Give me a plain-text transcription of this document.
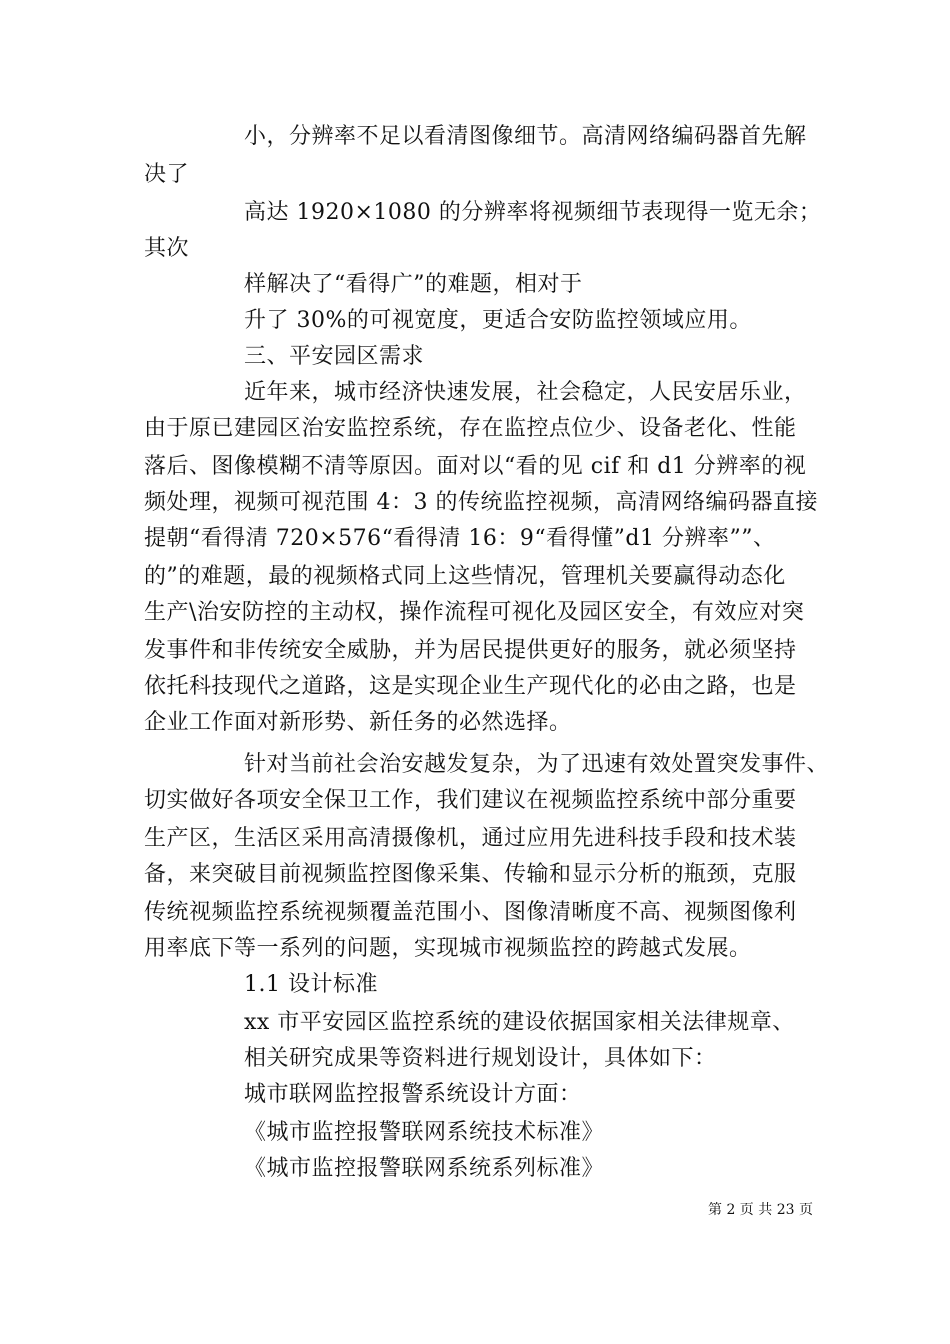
小，分辨率不足以看清图像细节。高清网络编码器首先解
决了
高达 1920×1080 的分辨率将视频细节表现得一览无余；
其次
样解决了“看得广”的难题，相对于
升了 30%的可视宽度，更适合安防监控领域应用。
三、平安园区需求
近年来，城市经济快速发展，社会稳定，人民安居乐业，
由于原已建园区治安监控系统，存在监控点位少、设备老化、性能
落后、图像模糊不清等原因。面对以“看的见 cif 和 d1 分辨率的视
频处理，视频可视范围 4：3 的传统监控视频，高清网络编码器直接
提朝“看得清 720×576“看得清 16：9“看得懂”d1 分辨率””、
的”的难题，最的视频格式同上这些情况，管理机关要赢得动态化
生产\治安防控的主动权，操作流程可视化及园区安全，有效应对突
发事件和非传统安全威胁，并为居民提供更好的服务，就必须坚持
依托科技现代之道路，这是实现企业生产现代化的必由之路，也是
企业工作面对新形势、新任务的必然选择。
针对当前社会治安越发复杂，为了迅速有效处置突发事件、
切实做好各项安全保卫工作，我们建议在视频监控系统中部分重要
生产区，生活区采用高清摄像机，通过应用先进科技手段和技术装
备，来突破目前视频监控图像采集、传输和显示分析的瓶颈，克服
传统视频监控系统视频覆盖范围小、图像清晰度不高、视频图像利
用率底下等一系列的问题，实现城市视频监控的跨越式发展。
1.1 设计标准
xx 市平安园区监控系统的建设依据国家相关法律规章、
相关研究成果等资料进行规划设计，具体如下：
城市联网监控报警系统设计方面：
《城市监控报警联网系统技术标准》
《城市监控报警联网系统系列标准》
第 2 页 共 23 页
